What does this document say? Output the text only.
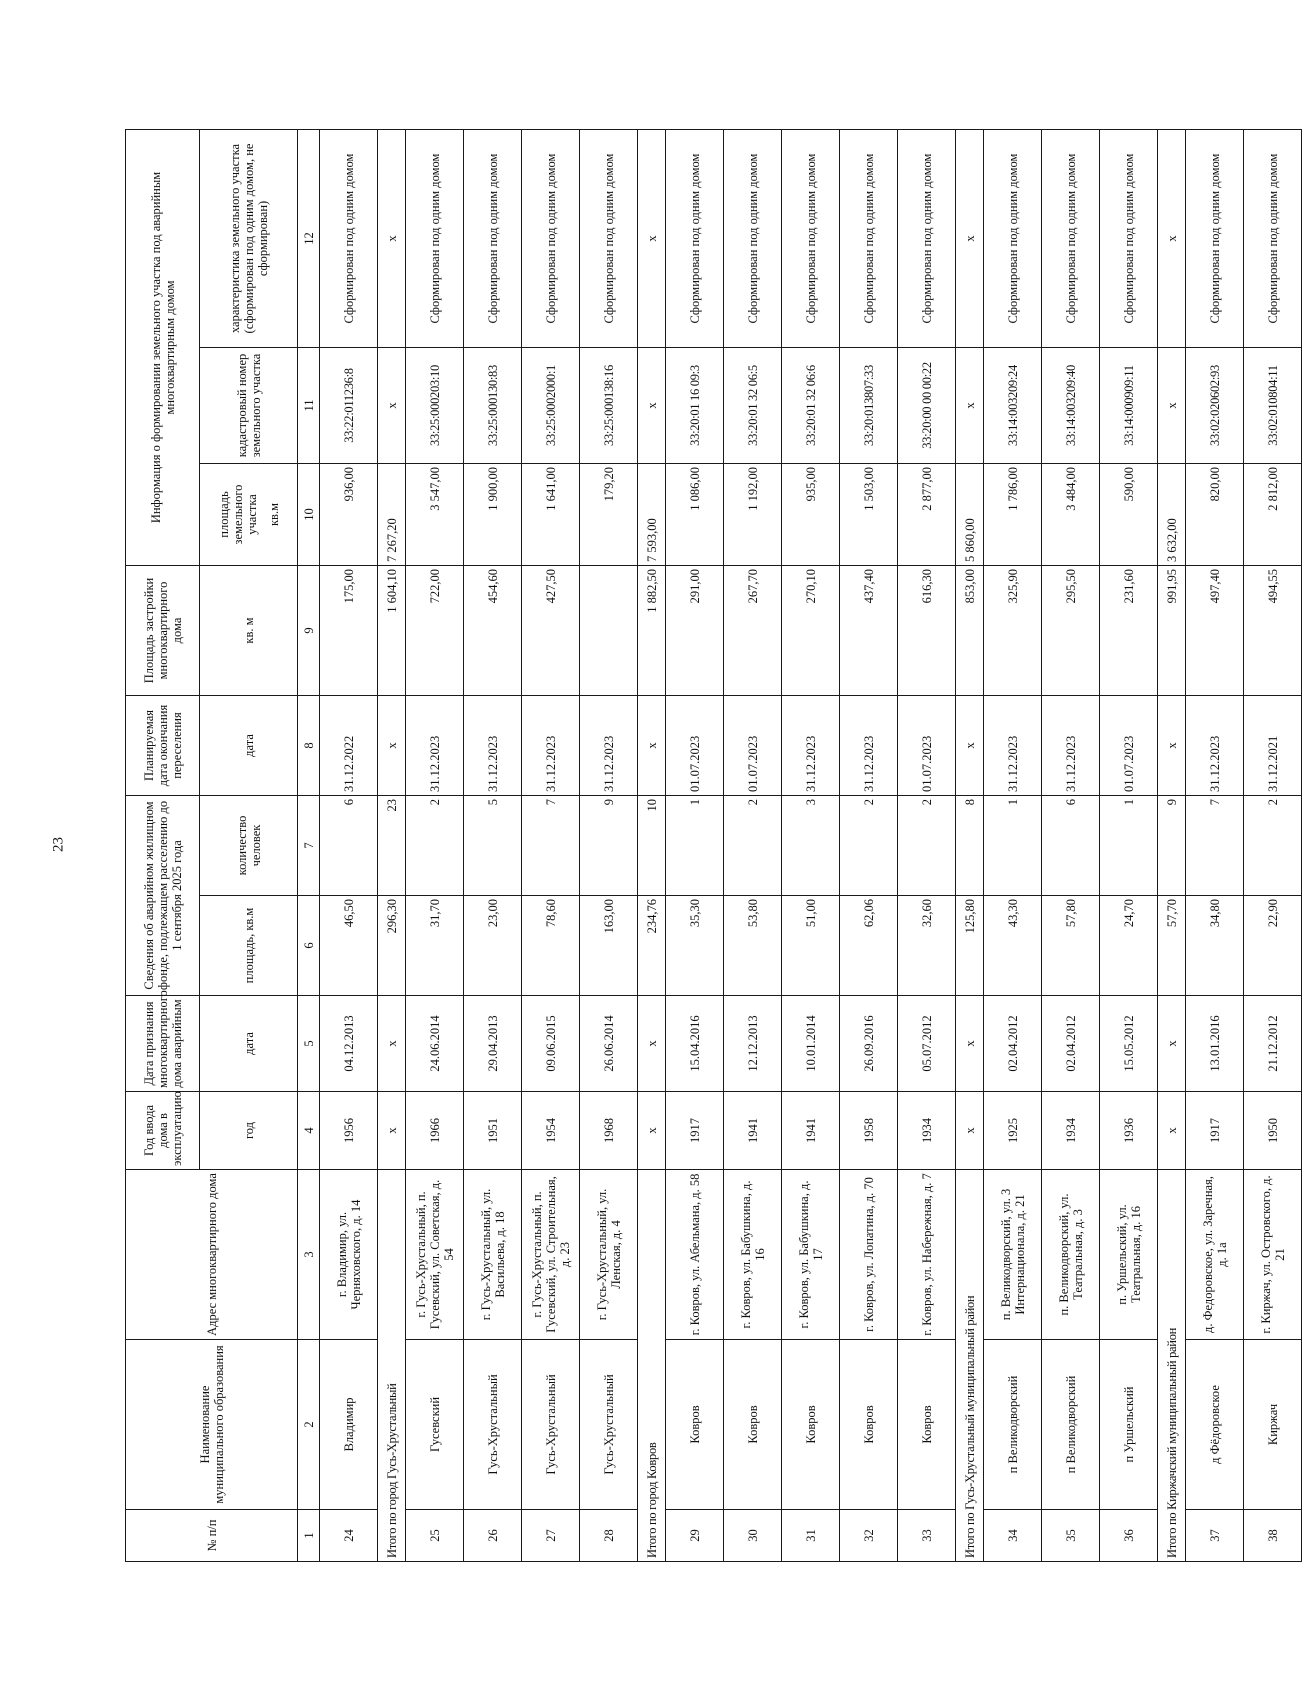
23
№ п/п	Наименование муниципального образования	Адрес многоквартирного дома	Год ввода дома в эксплуатацию	Дата признания многоквартирного дома аварийным	Сведения об аварийном жилищном фонде, подлежащем расселению до 1 сентября 2025 года		Планируемая дата окончания переселения	Площадь застройки многоквартирного дома	Информация о формировании земельного участка под аварийным многоквартирным домом		

			год	дата	площадь, кв.м	количество человек	дата	кв. м	площадь земельного участка кв.м	кадастровый номер земельного участка	характеристика земельного участка (сформирован под одним домом, не сформирован)
1	2	3	4	5	6	7	8	9	10	11	12
24	Владимир	г. Владимир, ул. Черняховского, д. 14	1956	04.12.2013	46,50	6	31.12.2022	175,00	936,00	33:22:011236:8	Сформирован под одним домом
Итого по город Гусь-Хрустальный			х	х	296,30	23	х	1 604,10	7 267,20	х	х
25	Гусевский	г. Гусь-Хрустальный, п. Гусевский, ул. Советская, д. 54	1966	24.06.2014	31,70	2	31.12.2023	722,00	3 547,00	33:25:000203:10	Сформирован под одним домом
26	Гусь-Хрустальный	г. Гусь-Хрустальный, ул. Васильева, д. 18	1951	29.04.2013	23,00	5	31.12.2023	454,60	1 900,00	33:25:000130:83	Сформирован под одним домом
27	Гусь-Хрустальный	г. Гусь-Хрустальный, п. Гусевский, ул. Строительная, д. 23	1954	09.06.2015	78,60	7	31.12.2023	427,50	1 641,00	33:25:0002000:1	Сформирован под одним домом
28	Гусь-Хрустальный	г. Гусь-Хрустальный, ул. Ленская, д. 4	1968	26.06.2014	163,00	9	31.12.2023		179,20	33:25:000138:16	Сформирован под одним домом
Итого по город Ковров			х	х	234,76	10	х	1 882,50	7 593,00	х	х
29	Ковров	г. Ковров, ул. Абельмана, д. 58	1917	15.04.2016	35,30	1	01.07.2023	291,00	1 086,00	33:20:01 16 09:3	Сформирован под одним домом
30	Ковров	г. Ковров, ул. Бабушкина, д. 16	1941	12.12.2013	53,80	2	01.07.2023	267,70	1 192,00	33:20:01 32 06:5	Сформирован под одним домом
31	Ковров	г. Ковров, ул. Бабушкина, д. 17	1941	10.01.2014	51,00	3	31.12.2023	270,10	935,00	33:20:01 32 06:6	Сформирован под одним домом
32	Ковров	г. Ковров, ул. Лопатина, д. 70	1958	26.09.2016	62,06	2	31.12.2023	437,40	1 503,00	33:20:013807:33	Сформирован под одним домом
33	Ковров	г. Ковров, ул. Набережная, д. 7	1934	05.07.2012	32,60	2	01.07.2023	616,30	2 877,00	33:20:00 00 00:22	Сформирован под одним домом
Итого по Гусь-Хрустальный муниципальный район			х	х	125,80	8	х	853,00	5 860,00	х	х
34	п Великодворский	п. Великодворский, ул. 3 Интернационала, д. 21	1925	02.04.2012	43,30	1	31.12.2023	325,90	1 786,00	33:14:003209:24	Сформирован под одним домом
35	п Великодворский	п. Великодворский, ул. Театральная, д. 3	1934	02.04.2012	57,80	6	31.12.2023	295,50	3 484,00	33:14:003209:40	Сформирован под одним домом
36	п Уршельский	п. Уршельский, ул. Театральная, д. 16	1936	15.05.2012	24,70	1	01.07.2023	231,60	590,00	33:14:000909:11	Сформирован под одним домом
Итого по Киржачский муниципальный район			х	х	57,70	9	х	991,95	3 632,00	х	х
37	д Фёдоровское	д. Федоровское, ул. Заречная, д. 1а	1917	13.01.2016	34,80	7	31.12.2023	497,40	820,00	33:02:020602:93	Сформирован под одним домом
38	Киржач	г. Киржач, ул. Островского, д. 21	1950	21.12.2012	22,90	2	31.12.2021	494,55	2 812,00	33:02:010804:11	Сформирован под одним домом
